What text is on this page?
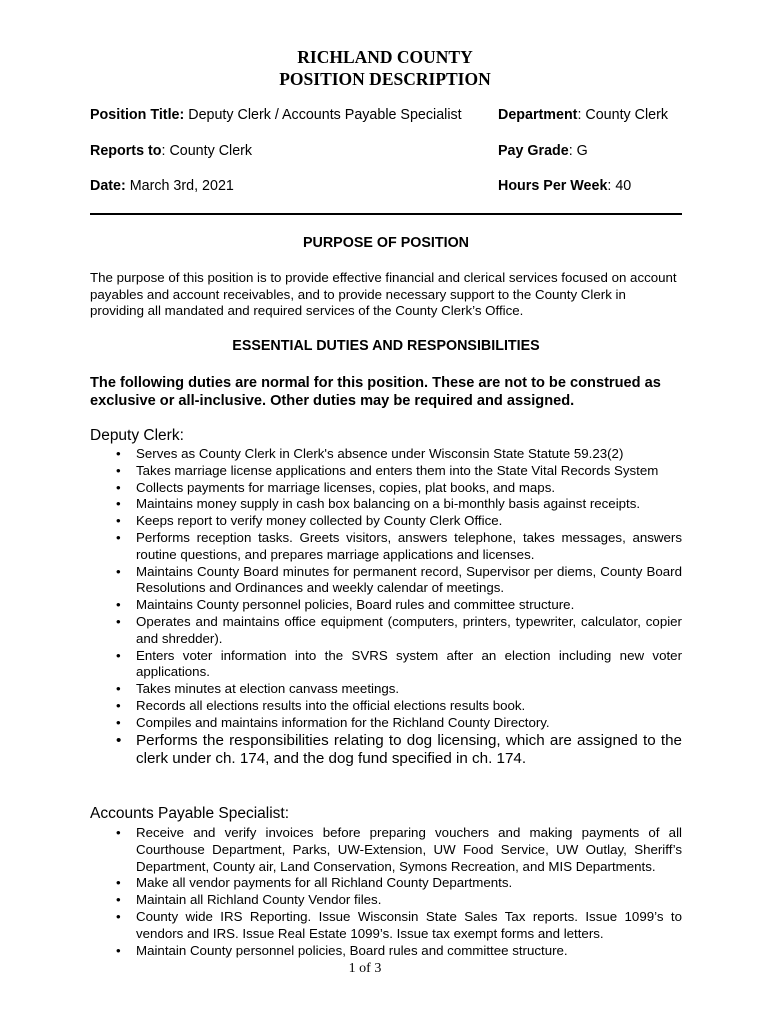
RICHLAND COUNTY
POSITION DESCRIPTION
Position Title: Deputy Clerk / Accounts Payable Specialist	Department: County Clerk
Reports to: County Clerk	Pay Grade: G
Date: March 3rd, 2021	Hours Per Week: 40
PURPOSE OF POSITION
The purpose of this position is to provide effective financial and clerical services focused on account payables and account receivables, and to provide necessary support to the County Clerk in providing all mandated and required services of the County Clerk’s Office.
ESSENTIAL DUTIES AND RESPONSIBILITIES
The following duties are normal for this position. These are not to be construed as exclusive or all-inclusive. Other duties may be required and assigned.
Deputy Clerk:
• Serves as County Clerk in Clerk's absence under Wisconsin State Statute 59.23(2)
• Takes marriage license applications and enters them into the State Vital Records System
• Collects payments for marriage licenses, copies, plat books, and maps.
• Maintains money supply in cash box balancing on a bi-monthly basis against receipts.
• Keeps report to verify money collected by County Clerk Office.
• Performs reception tasks. Greets visitors, answers telephone, takes messages, answers routine questions, and prepares marriage applications and licenses.
• Maintains County Board minutes for permanent record, Supervisor per diems, County Board Resolutions and Ordinances and weekly calendar of meetings.
• Maintains County personnel policies, Board rules and committee structure.
• Operates and maintains office equipment (computers, printers, typewriter, calculator, copier and shredder).
• Enters voter information into the SVRS system after an election including new voter applications.
• Takes minutes at election canvass meetings.
• Records all elections results into the official elections results book.
• Compiles and maintains information for the Richland County Directory.
• Performs the responsibilities relating to dog licensing, which are assigned to the clerk under ch. 174, and the dog fund specified in ch. 174.
Accounts Payable Specialist:
• Receive and verify invoices before preparing vouchers and making payments of all Courthouse Department, Parks, UW-Extension, UW Food Service, UW Outlay, Sheriff’s Department, County air, Land Conservation, Symons Recreation, and MIS Departments.
• Make all vendor payments for all Richland County Departments.
• Maintain all Richland County Vendor files.
• County wide IRS Reporting. Issue Wisconsin State Sales Tax reports. Issue 1099’s to vendors and IRS. Issue Real Estate 1099’s. Issue tax exempt forms and letters.
• Maintain County personnel policies, Board rules and committee structure.
1 of 3
